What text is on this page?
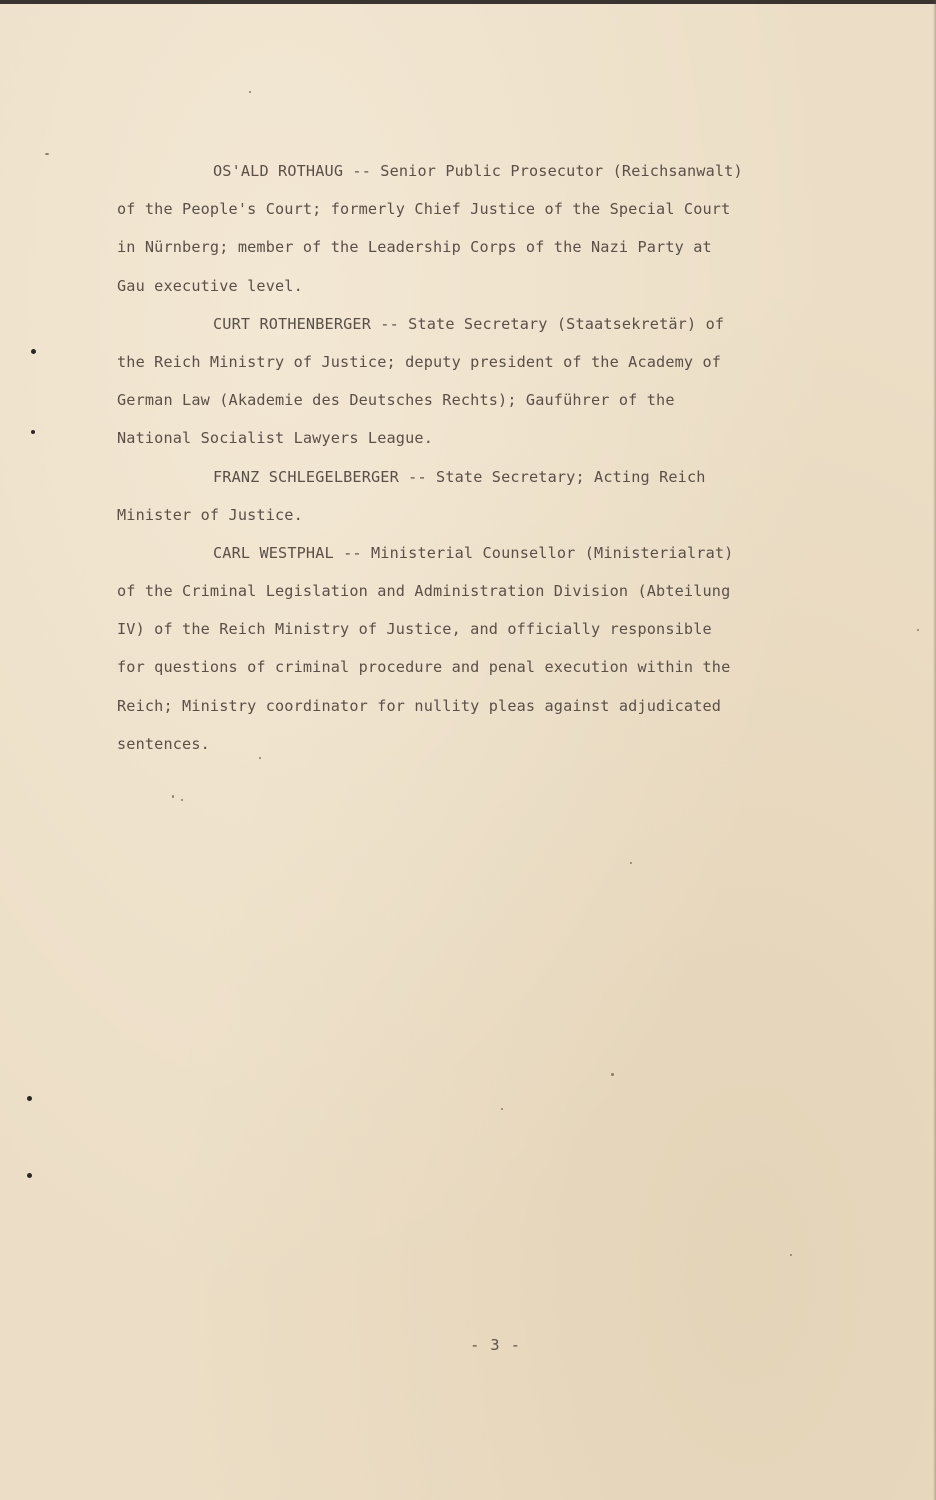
OS'ALD ROTHAUG -- Senior Public Prosecutor (Reichsanwalt)
of the People's Court; formerly Chief Justice of the Special Court
in Nürnberg; member of the Leadership Corps of the Nazi Party at
Gau executive level.
CURT ROTHENBERGER -- State Secretary (Staatsekretär) of
the Reich Ministry of Justice; deputy president of the Academy of
German Law (Akademie des Deutsches Rechts); Gauführer of the
National Socialist Lawyers League.
FRANZ SCHLEGELBERGER -- State Secretary; Acting Reich
Minister of Justice.
CARL WESTPHAL -- Ministerial Counsellor (Ministerialrat)
of the Criminal Legislation and Administration Division (Abteilung
IV) of the Reich Ministry of Justice, and officially responsible
for questions of criminal procedure and penal execution within the
Reich; Ministry coordinator for nullity pleas against adjudicated
sentences.
- 3 -
